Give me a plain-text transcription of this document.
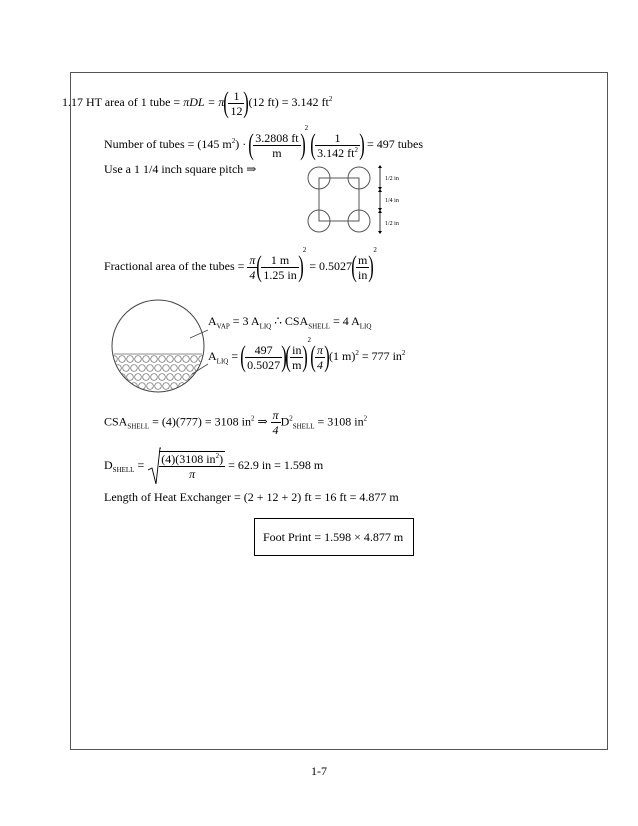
1.17 HT area of 1 tube = $\pi DL = \pi( \frac{1}{12} )(12$ ft) = 3.142 $ft^2$
Number of tubes = (145 $m^2$) · ( $\frac{3.2808 ft}{m} )^2$ ( $\frac{1}{3.142 ft^2}$ ) = 497 tubes
Use a 1 1/4 inch square pitch ⇒
1/2 in
1/4 in
1/2 in
Fractional area of the tubes = $\frac{\pi}{4}$ ( $\frac{1 m}{1.25 in} )^2 = 0.5027( \frac{m}{in} )^2$
$A_{VAP} = 3$ $A_{LIQ}$ ∴ $CSA_{SHELL} = 4$ $A_{LIQ}$
$A_{LIQ}$ = ( $\frac{497}{0.5027}$ )( $\frac{in}{m} )^2( \frac{\pi}{4} )(1$ m)$^2$ = 777 $in^2$
$CSA_{SHELL} = (4)(777) = 3108$ $in^2$ ⇒ $\frac{\pi}{4} D^2_{SHELL} = 3108$ $in^2$
$D_{SHELL} = \frac{(4)(3108 in^2)}{\pi} = 62.9$ in = 1.598 m
Length of Heat Exchanger = (2 + 12 + 2) ft = 16 ft = 4.877 m
Foot Print = 1.598 × 4.877 m
1-7
